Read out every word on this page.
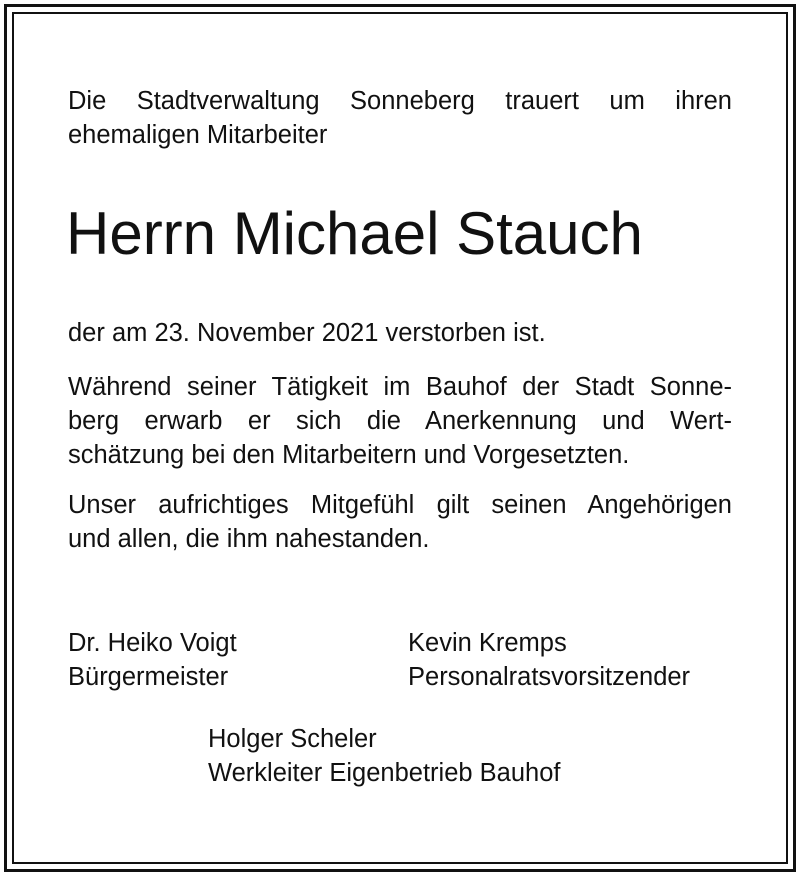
Die Stadtverwaltung Sonneberg trauert um ihren
ehemaligen Mitarbeiter
Herrn Michael Stauch
der am 23. November 2021 verstorben ist.
Während seiner Tätigkeit im Bauhof der Stadt Sonne-
berg erwarb er sich die Anerkennung und Wert-
schätzung bei den Mitarbeitern und Vorgesetzten.
Unser aufrichtiges Mitgefühl gilt seinen Angehörigen
und allen, die ihm nahestanden.
Dr. Heiko Voigt
Bürgermeister
Kevin Kremps
Personalratsvorsitzender
Holger Scheler
Werkleiter Eigenbetrieb Bauhof
